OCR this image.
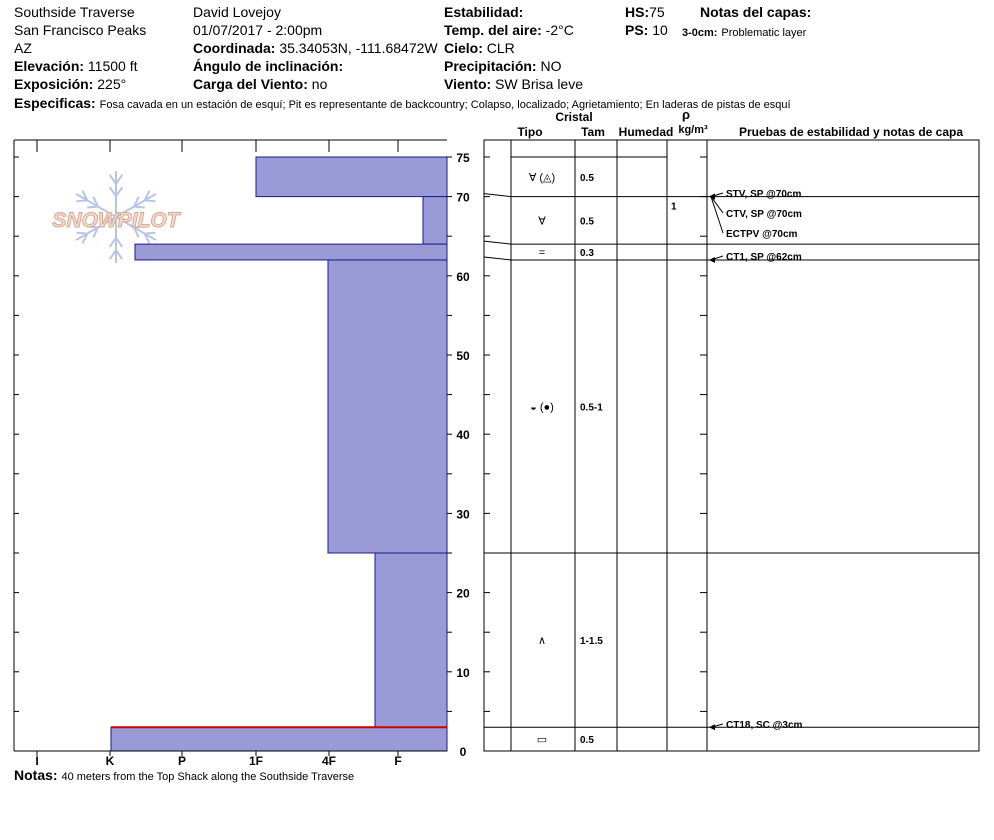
Southside Traverse
San Francisco Peaks
AZ
Elevación: 11500 ft
Exposición: 225°
David Lovejoy
01/07/2017 - 2:00pm
Coordinada: 35.34053N, -111.68472W
Ángulo de inclinación:
Carga del Viento: no
Estabilidad:
Temp. del aire: -2°C
Cielo: CLR
Precipitación: NO
Viento: SW Brisa leve
HS:75
PS: 10
Notas del capas:
3-0cm: Problematic layer
Especificas: Fosa cavada en un estación de esquí; Pit es representante de backcountry; Colapso, localizado; Agrietamiento; En laderas de pistas de esquí
SNOWPILOT
Cristal
Tipo	Tam Humedad
ρ
kg/m³	Pruebas de estabilidad y notas de capa
∀ (◬) 0.5
∀	0.5
=	0.3
◒ (●)	0.5-1
∧	1-1.5
▭	0.5
1
STV, SP @70cm
CTV, SP @70cm
ECTPV @70cm
CT1, SP @62cm
CT18, SC @3cm
I	K	P	1F	4F	F
0
10
20
30
40
50
60
70
75
Notas: 40 meters from the Top Shack along the Southside Traverse
